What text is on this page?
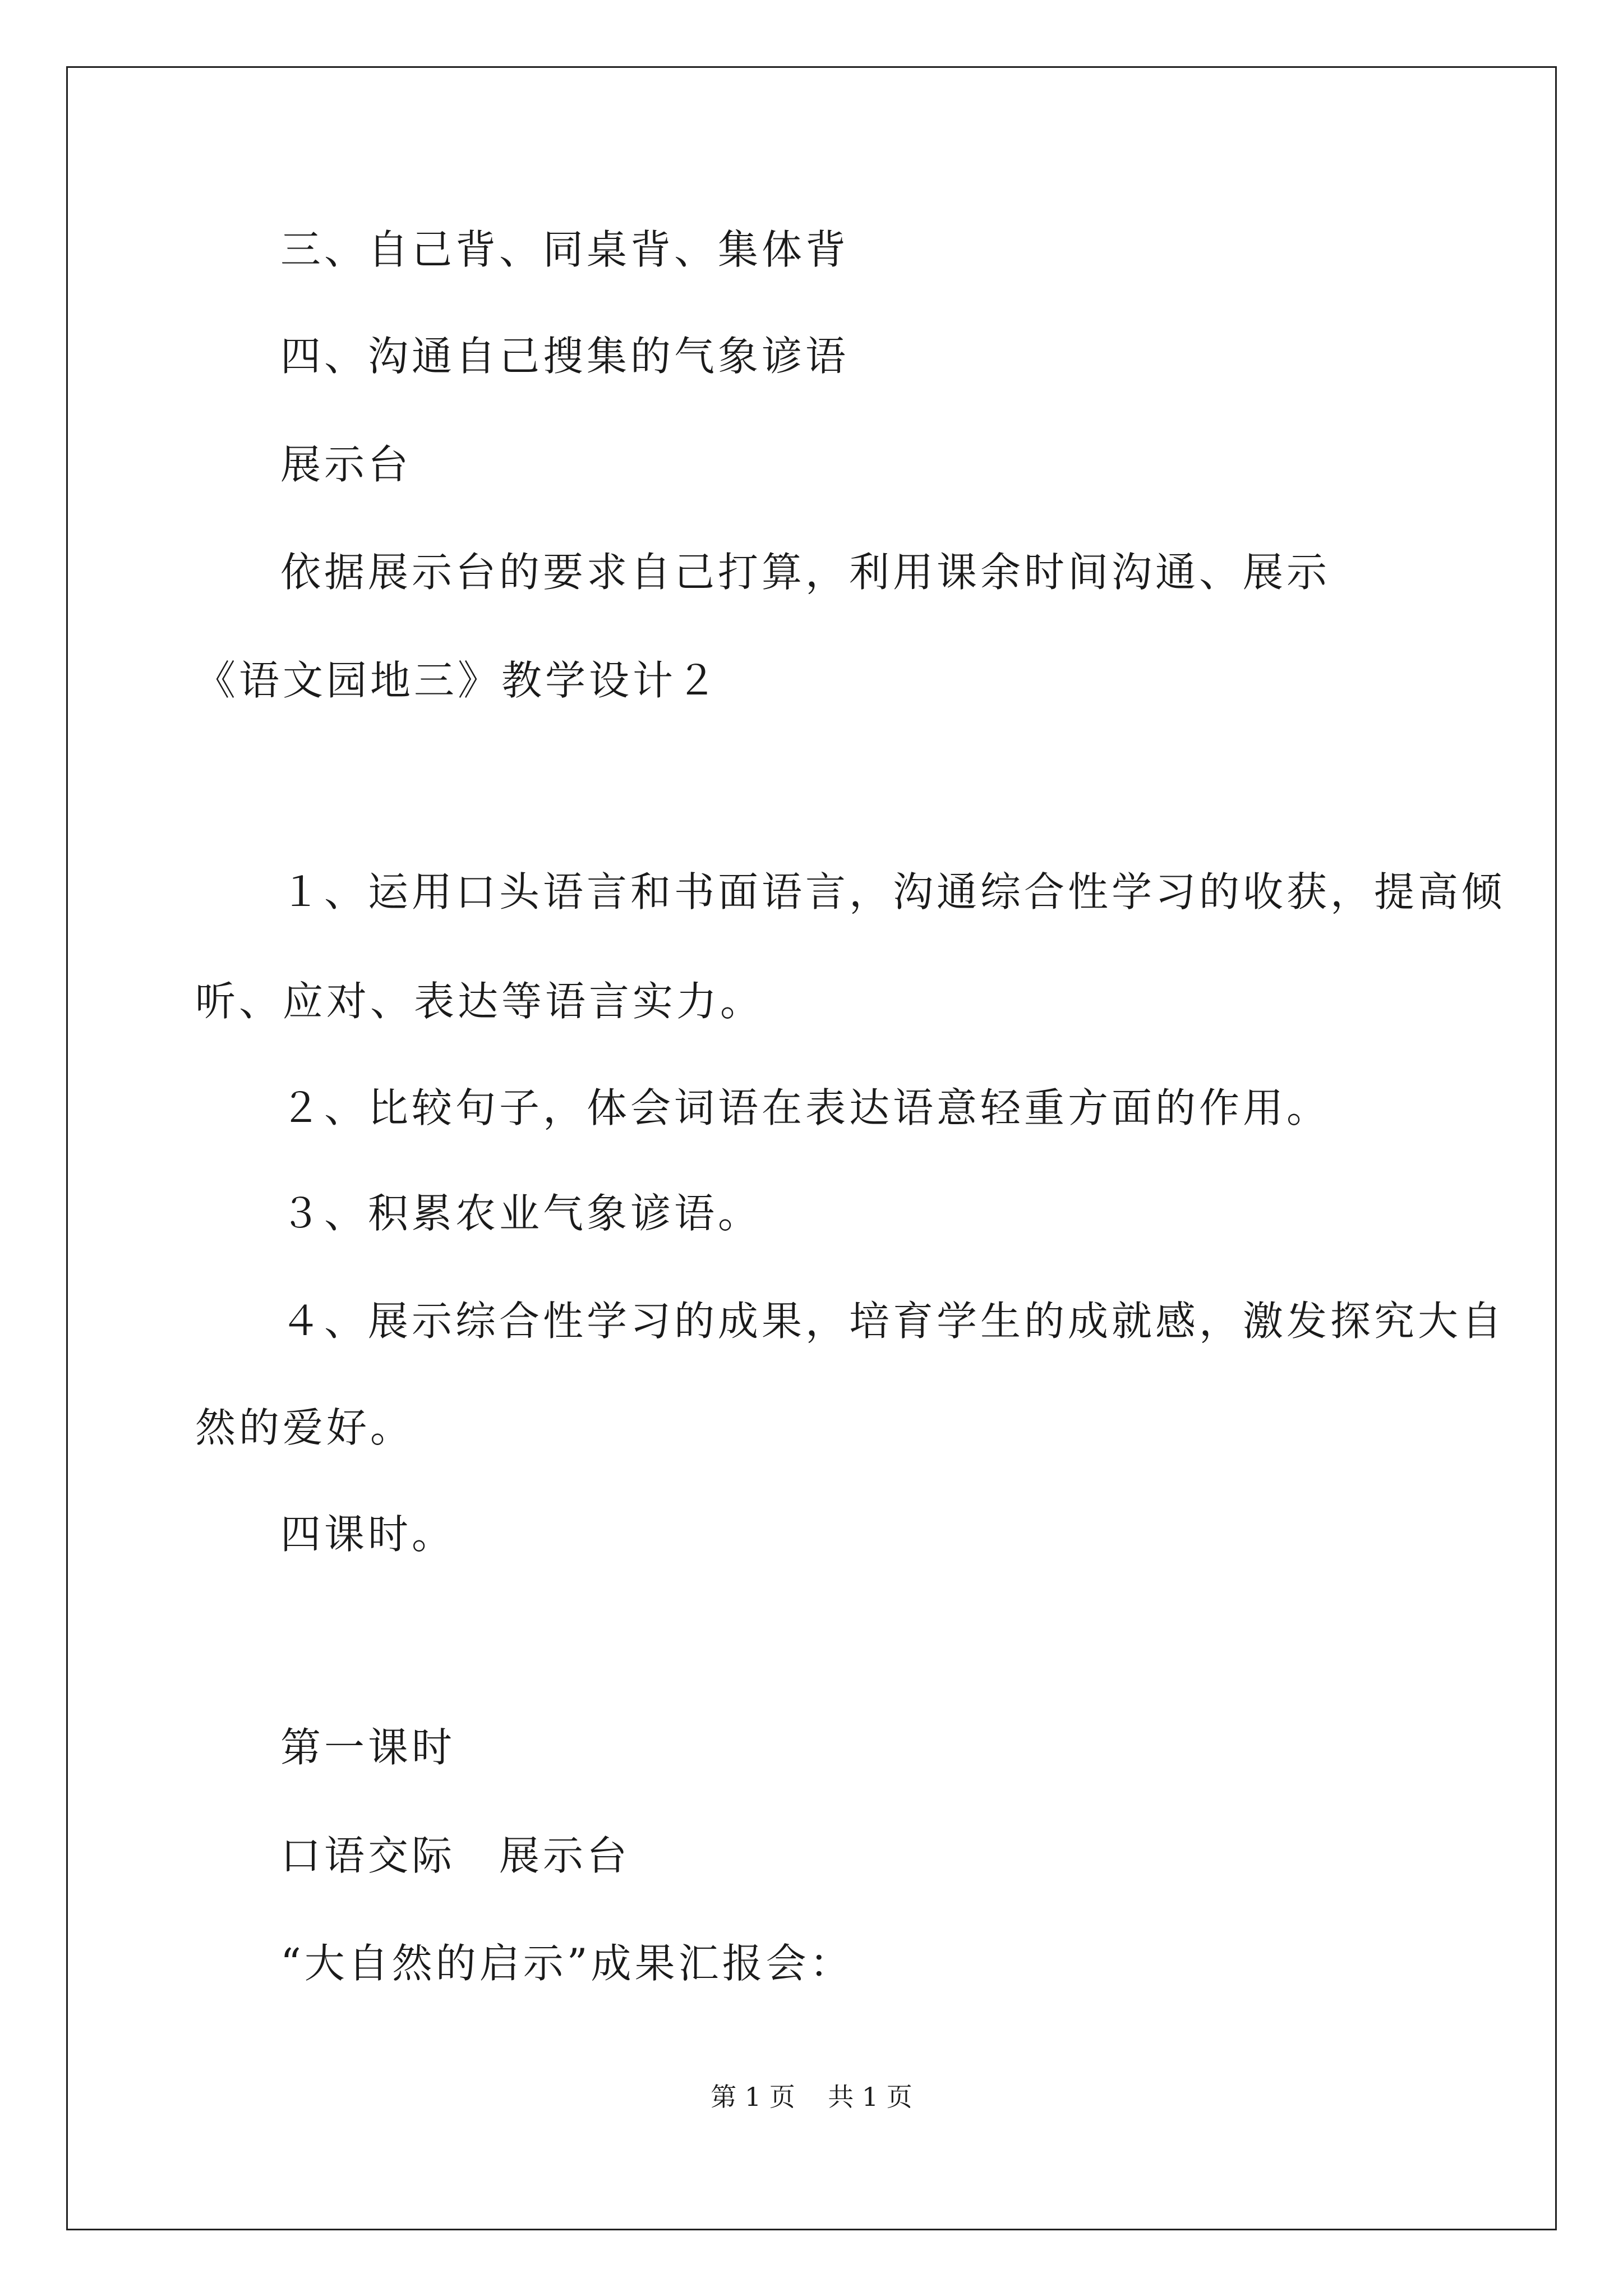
三、自己背、同桌背、集体背
四、沟通自己搜集的气象谚语
展示台
依据展示台的要求自己打算，利用课余时间沟通、展示
《语文园地三》教学设计２
１、运用口头语言和书面语言，沟通综合性学习的收获，提高倾
听、应对、表达等语言实力。
２、比较句子，体会词语在表达语意轻重方面的作用。
３、积累农业气象谚语。
４、展示综合性学习的成果，培育学生的成就感，激发探究大自
然的爱好。
四课时。
第一课时
口语交际　展示台
“大自然的启示”成果汇报会：
第 1 页    共 1 页
